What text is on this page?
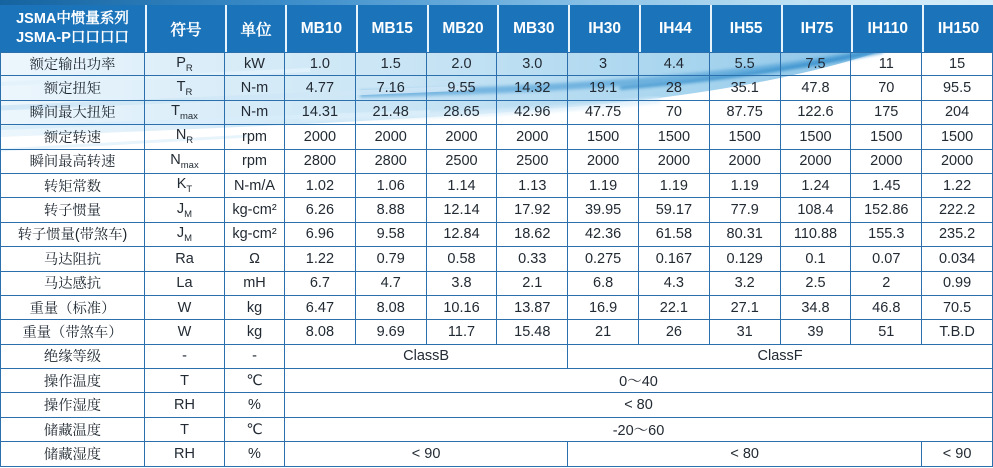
JSMA中惯量系列
JSMA-P口口口口	符号	单位	MB10	MB15	MB20	MB30	IH30	IH44	IH55	IH75	IH110	IH150
额定输出功率	$P_R$	kW	1.0	1.5	2.0	3.0	3	4.4	5.5	7.5	11	15
额定扭矩	$T_R$	N-m	4.77	7.16	9.55	14.32	19.1	28	35.1	47.8	70	95.5
瞬间最大扭矩	$T_{max}$	N-m	14.31	21.48	28.65	42.96	47.75	70	87.75	122.6	175	204
额定转速	$N_R$	rpm	2000	2000	2000	2000	1500	1500	1500	1500	1500	1500
瞬间最高转速	$N_{max}$	rpm	2800	2800	2500	2500	2000	2000	2000	2000	2000	2000
转矩常数	$K_T$	N-m/A	1.02	1.06	1.14	1.13	1.19	1.19	1.19	1.24	1.45	1.22
转子惯量	$J_M$	kg-cm²	6.26	8.88	12.14	17.92	39.95	59.17	77.9	108.4	152.86	222.2
转子惯量(带煞车)	$J_M$	kg-cm²	6.96	9.58	12.84	18.62	42.36	61.58	80.31	110.88	155.3	235.2
马达阻抗	Ra	Ω	1.22	0.79	0.58	0.33	0.275	0.167	0.129	0.1	0.07	0.034
马达感抗	La	mH	6.7	4.7	3.8	2.1	6.8	4.3	3.2	2.5	2	0.99
重量（标准）	W	kg	6.47	8.08	10.16	13.87	16.9	22.1	27.1	34.8	46.8	70.5
重量（带煞车）	W	kg	8.08	9.69	11.7	15.48	21	26	31	39	51	T.B.D
绝缘等级	-	-	ClassB				ClassF					
操作温度	T	℃	0～40									
操作湿度	RH	%	< 80									
储藏温度	T	℃	-20～60									
储藏湿度	RH	%	< 90				< 80					< 90
